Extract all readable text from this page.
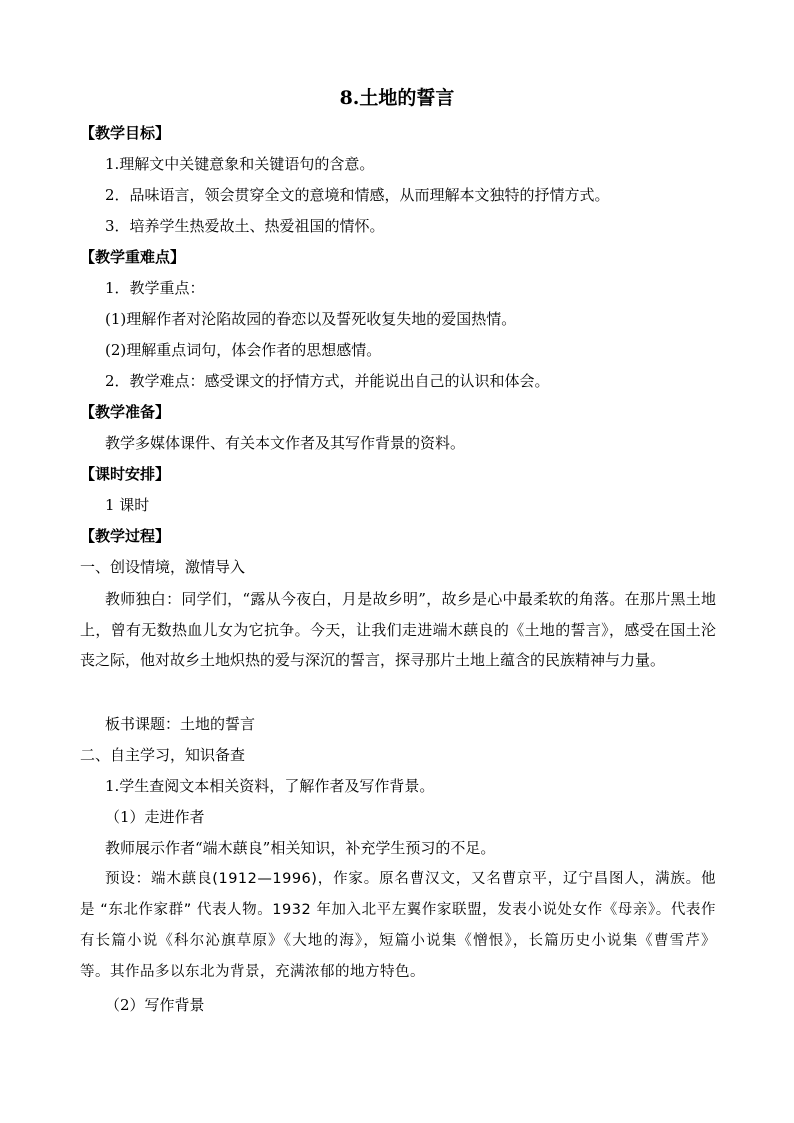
8.土地的誓言
【教学目标】
1.理解文中关键意象和关键语句的含意。
2．品味语言，领会贯穿全文的意境和情感，从而理解本文独特的抒情方式。
3．培养学生热爱故土、热爱祖国的情怀。
【教学重难点】
1．教学重点：
(1)理解作者对沦陷故园的眷恋以及誓死收复失地的爱国热情。
(2)理解重点词句，体会作者的思想感情。
2．教学难点：感受课文的抒情方式，并能说出自己的认识和体会。
【教学准备】
教学多媒体课件、有关本文作者及其写作背景的资料。
【课时安排】
1 课时
【教学过程】
一、创设情境，激情导入
教师独白：同学们，“露从今夜白，月是故乡明”，故乡是心中最柔软的角落。在那片黑土地上，曾有无数热血儿女为它抗争。今天，让我们走进端木蕻良的《土地的誓言》，感受在国土沦丧之际，他对故乡土地炽热的爱与深沉的誓言，探寻那片土地上蕴含的民族精神与力量。
板书课题：土地的誓言
二、自主学习，知识备查
1.学生查阅文本相关资料，了解作者及写作背景。
（1）走进作者
教师展示作者“端木蕻良”相关知识，补充学生预习的不足。
预设：端木蕻良(1912—1996)，作家。原名曹汉文，又名曹京平，辽宁昌图人，满族。他是 “东北作家群” 代表人物。1932 年加入北平左翼作家联盟，发表小说处女作《母亲》。代表作有长篇小说《科尔沁旗草原》《大地的海》，短篇小说集《憎恨》，长篇历史小说集《曹雪芹》等。其作品多以东北为背景，充满浓郁的地方特色。
（2）写作背景
